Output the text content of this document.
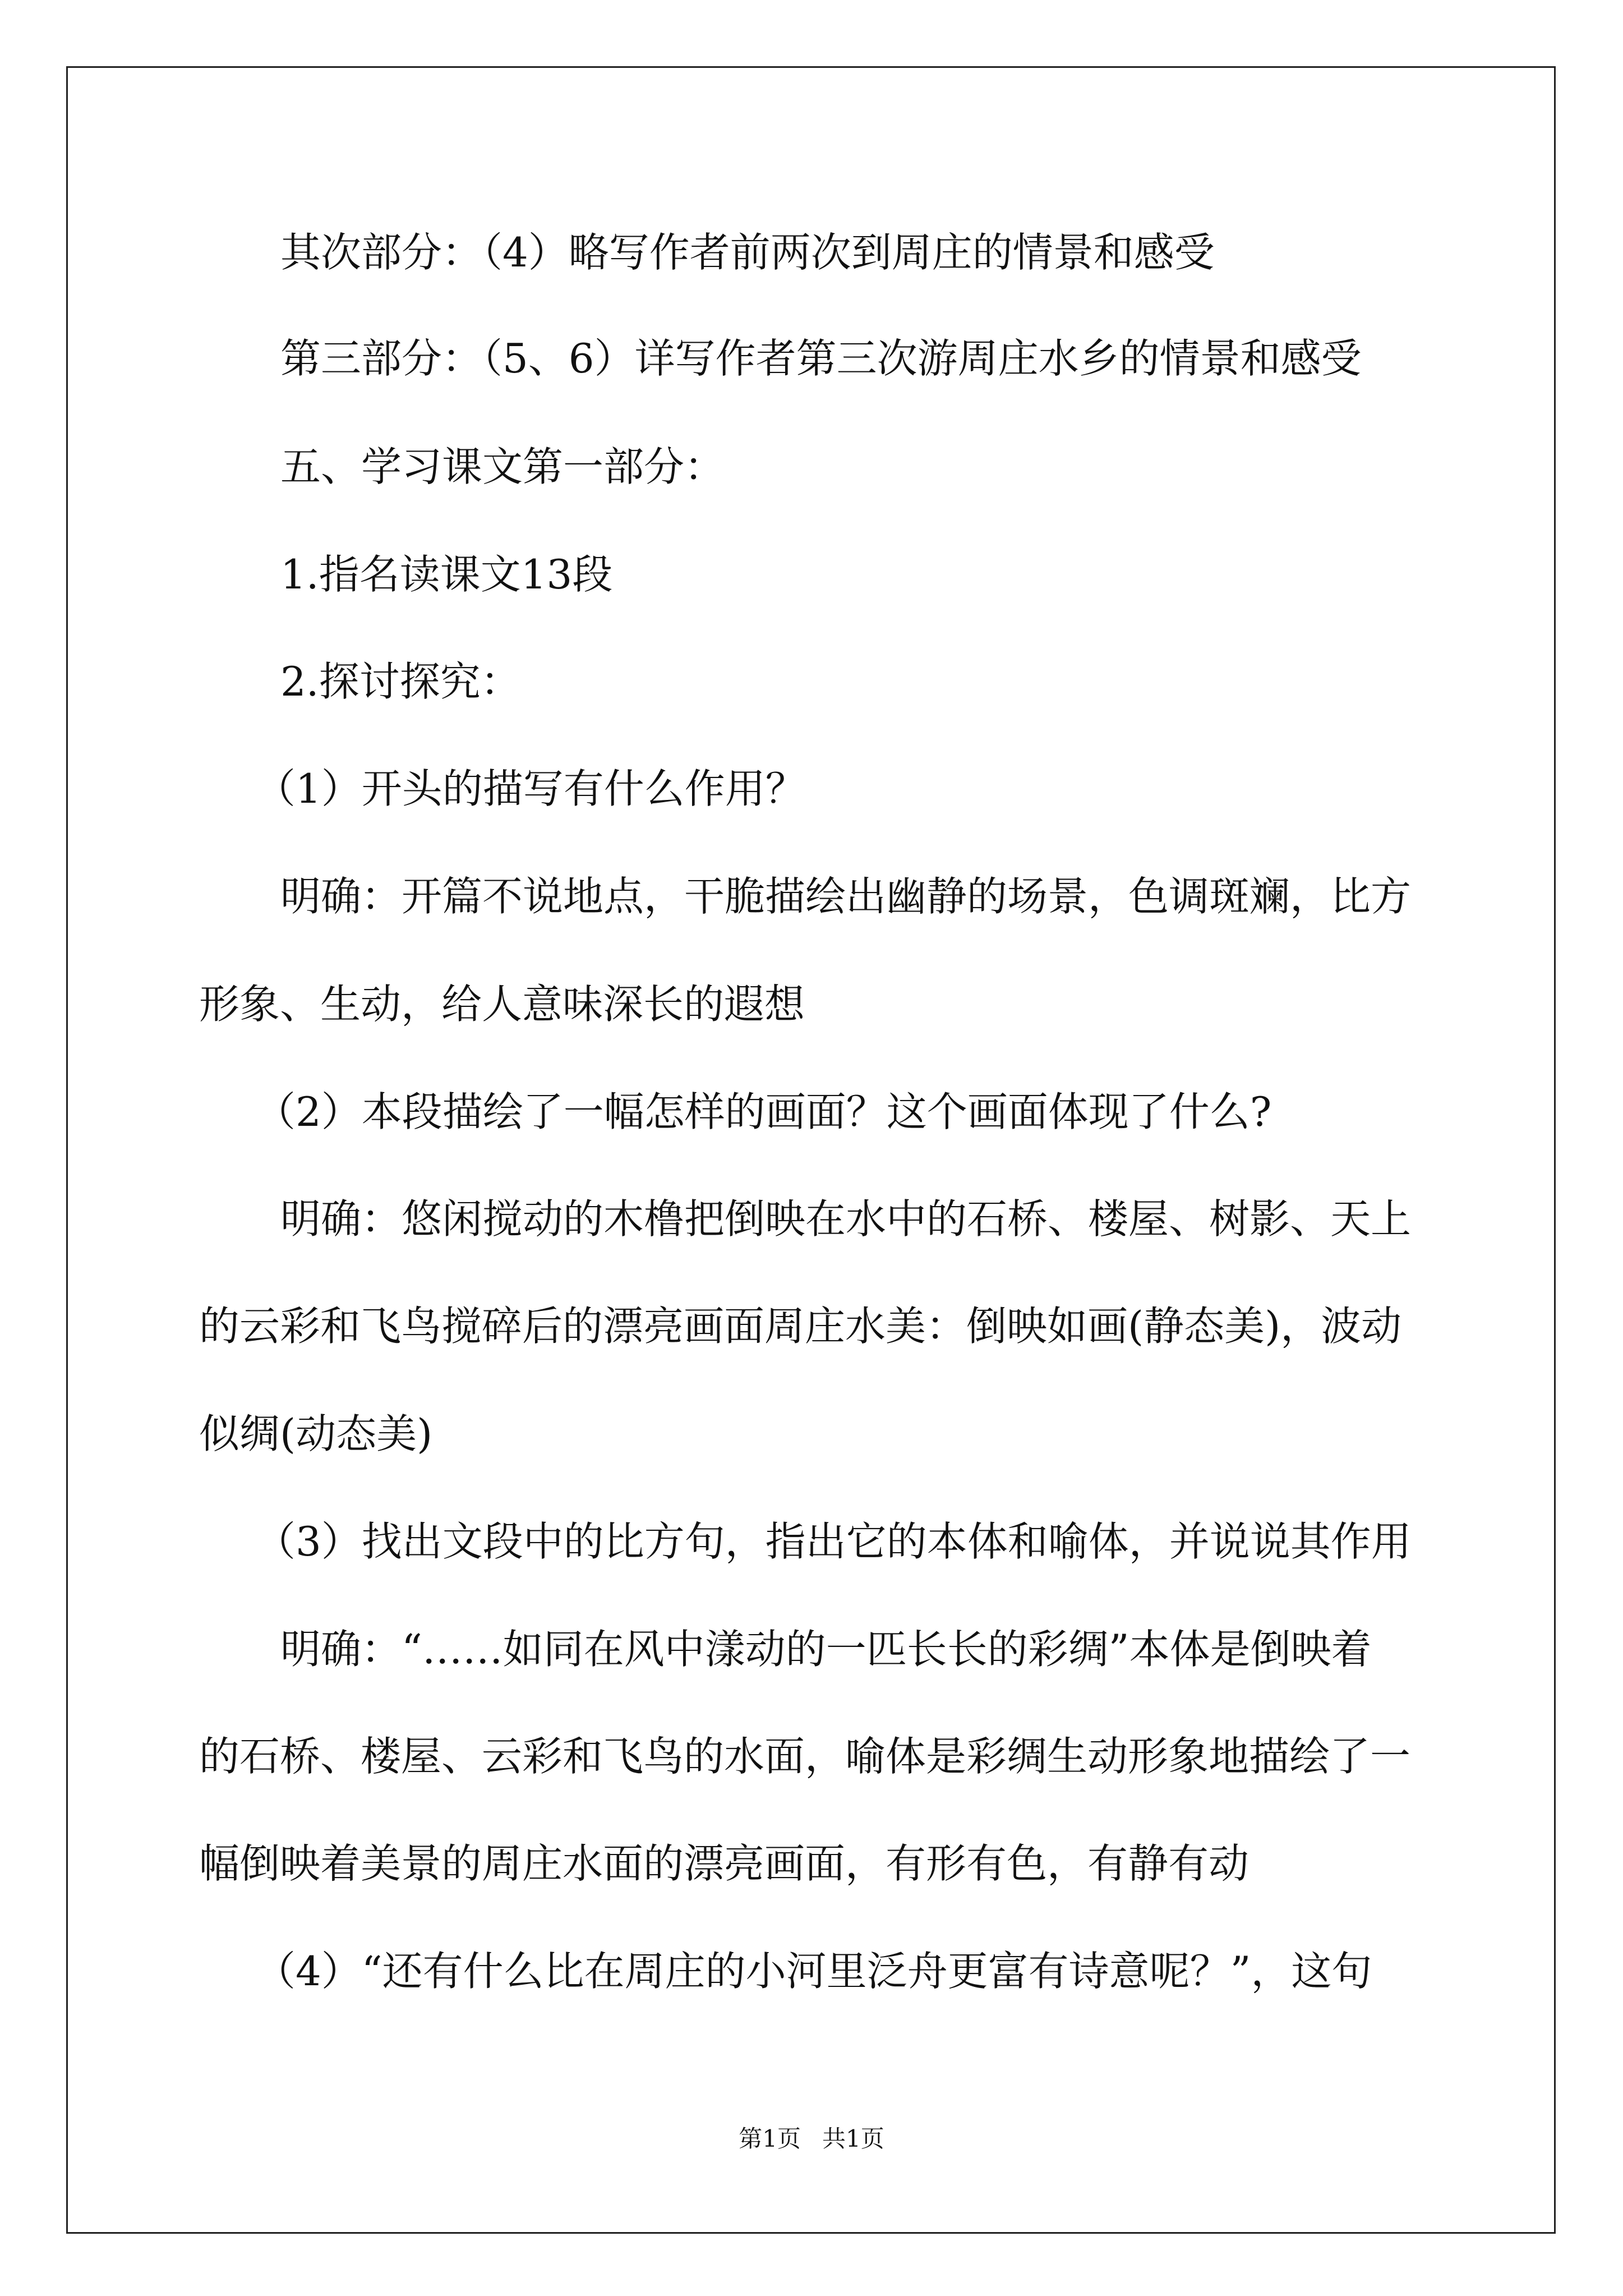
其次部分：（4）略写作者前两次到周庄的情景和感受
第三部分：（5、6）详写作者第三次游周庄水乡的情景和感受
五、学习课文第一部分：
1.指名读课文13段
2.探讨探究：
（1）开头的描写有什么作用？
明确：开篇不说地点，干脆描绘出幽静的场景，色调斑斓，比方
形象、生动，给人意味深长的遐想
（2）本段描绘了一幅怎样的画面？这个画面体现了什么?
明确：悠闲搅动的木橹把倒映在水中的石桥、楼屋、树影、天上
的云彩和飞鸟搅碎后的漂亮画面周庄水美：倒映如画(静态美)，波动
似绸(动态美)
（3）找出文段中的比方句，指出它的本体和喻体，并说说其作用
明确：“……如同在风中漾动的一匹长长的彩绸”本体是倒映着
的石桥、楼屋、云彩和飞鸟的水面，喻体是彩绸生动形象地描绘了一
幅倒映着美景的周庄水面的漂亮画面，有形有色，有静有动
（4）“还有什么比在周庄的小河里泛舟更富有诗意呢？”，这句
第1页 共1页
